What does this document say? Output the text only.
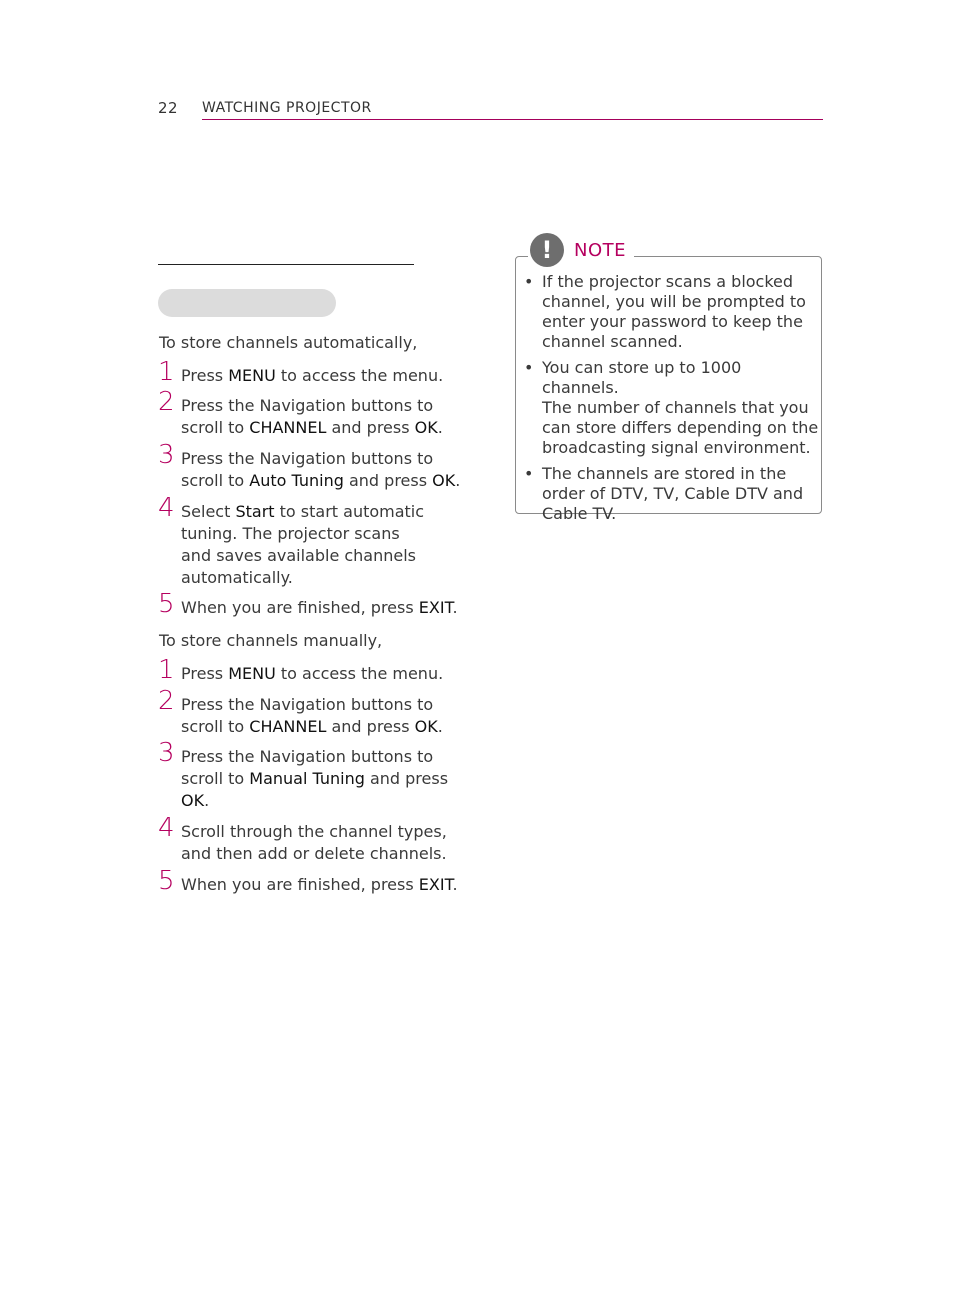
22 WATCHING PROJECTOR
To store channels automatically,
1 Press MENU to access the menu.
2 Press the Navigation buttons to
scroll to CHANNEL and press OK.
3 Press the Navigation buttons to
scroll to Auto Tuning and press OK.
4 Select Start to start automatic
tuning. The projector scans
and saves available channels
automatically.
5 When you are finished, press EXIT.
To store channels manually,
1 Press MENU to access the menu.
2 Press the Navigation buttons to
scroll to CHANNEL and press OK.
3 Press the Navigation buttons to
scroll to Manual Tuning and press
OK.
4 Scroll through the channel types,
and then add or delete channels.
5 When you are finished, press EXIT.
!	NOTE
• If the projector scans a blocked
channel, you will be prompted to
enter your password to keep the
channel scanned.
• You can store up to 1000 channels.
The number of channels that you
can store differs depending on the
broadcasting signal environment.
• The channels are stored in the
order of DTV, TV, Cable DTV and
Cable TV.
